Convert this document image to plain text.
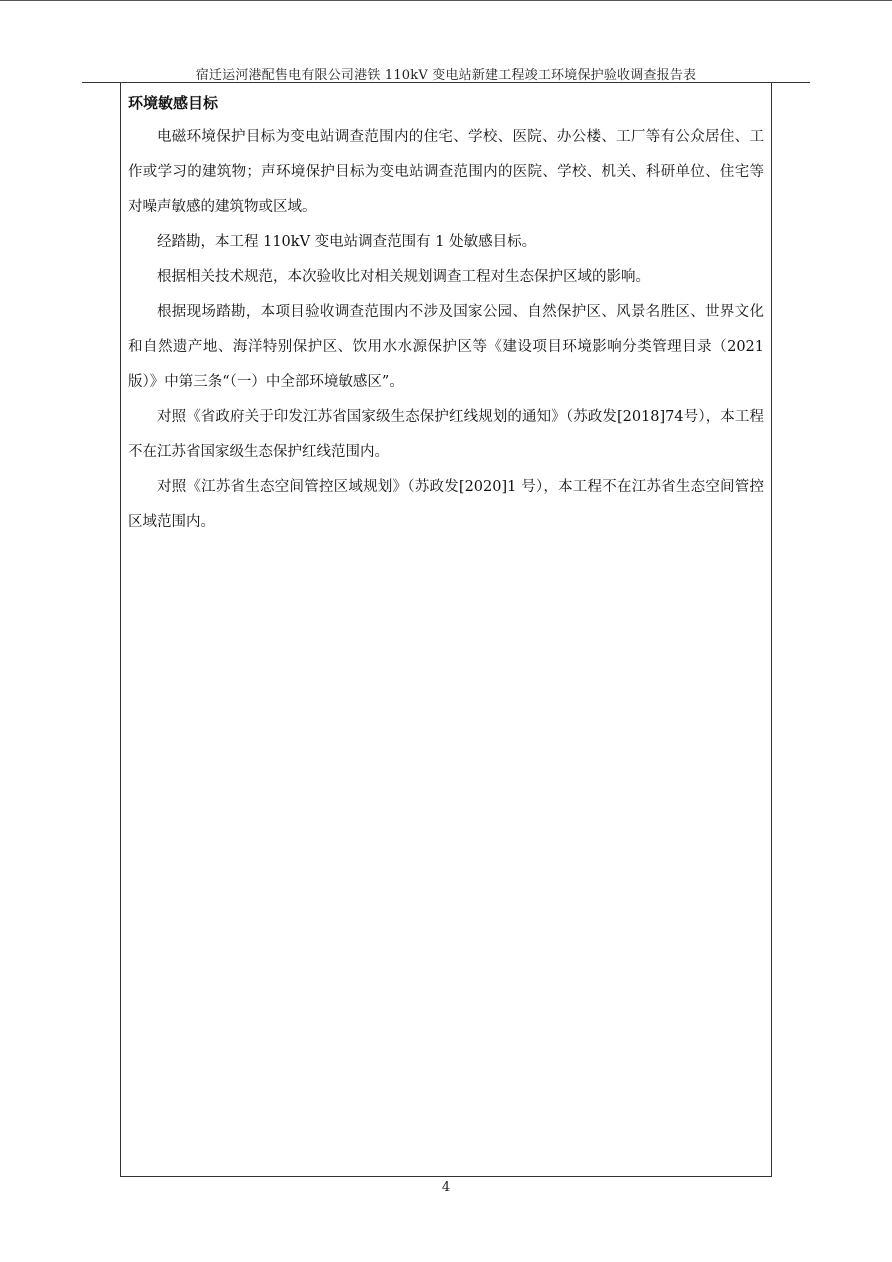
宿迁运河港配售电有限公司港铁 110kV 变电站新建工程竣工环境保护验收调查报告表
环境敏感目标

电磁环境保护目标为变电站调查范围内的住宅、学校、医院、办公楼、工厂等有公众居住、工作或学习的建筑物；声环境保护目标为变电站调查范围内的医院、学校、机关、科研单位、住宅等对噪声敏感的建筑物或区域。

经踏勘，本工程 110kV 变电站调查范围有 1 处敏感目标。

根据相关技术规范，本次验收比对相关规划调查工程对生态保护区域的影响。

根据现场踏勘，本项目验收调查范围内不涉及国家公园、自然保护区、风景名胜区、世界文化和自然遗产地、海洋特别保护区、饮用水水源保护区等《建设项目环境影响分类管理目录（2021版）》中第三条“（一）中全部环境敏感区”。

对照《省政府关于印发江苏省国家级生态保护红线规划的通知》（苏政发[2018]74号），本工程不在江苏省国家级生态保护红线范围内。

对照《江苏省生态空间管控区域规划》（苏政发[2020]1 号），本工程不在江苏省生态空间管控区域范围内。

4
